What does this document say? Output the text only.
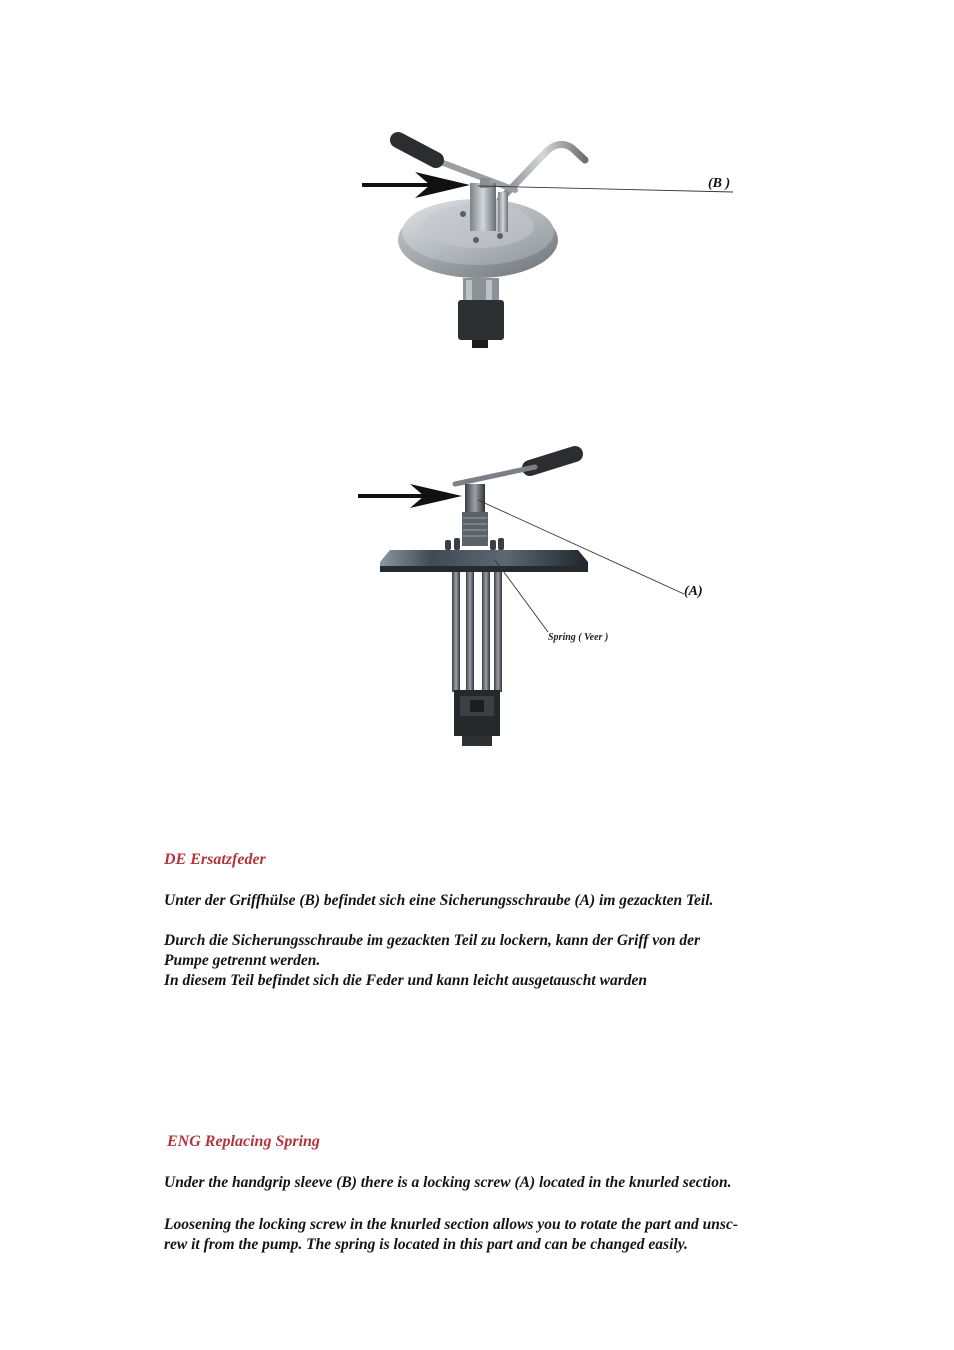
(B )
(A)
Spring ( Veer )
DE Ersatzfeder
Unter der Griffhülse (B) befindet sich eine Sicherungsschraube (A) im gezackten Teil.
Durch die Sicherungsschraube im gezackten Teil zu lockern, kann der Griff von der
Pumpe getrennt werden.
In diesem Teil befindet sich die Feder und kann leicht ausgetauscht warden
ENG Replacing Spring
Under the handgrip sleeve (B) there is a locking screw (A) located in the knurled section.
Loosening the locking screw in the knurled section allows you to rotate the part and unsc-
rew it from the pump. The spring is located in this part and can be changed easily.
